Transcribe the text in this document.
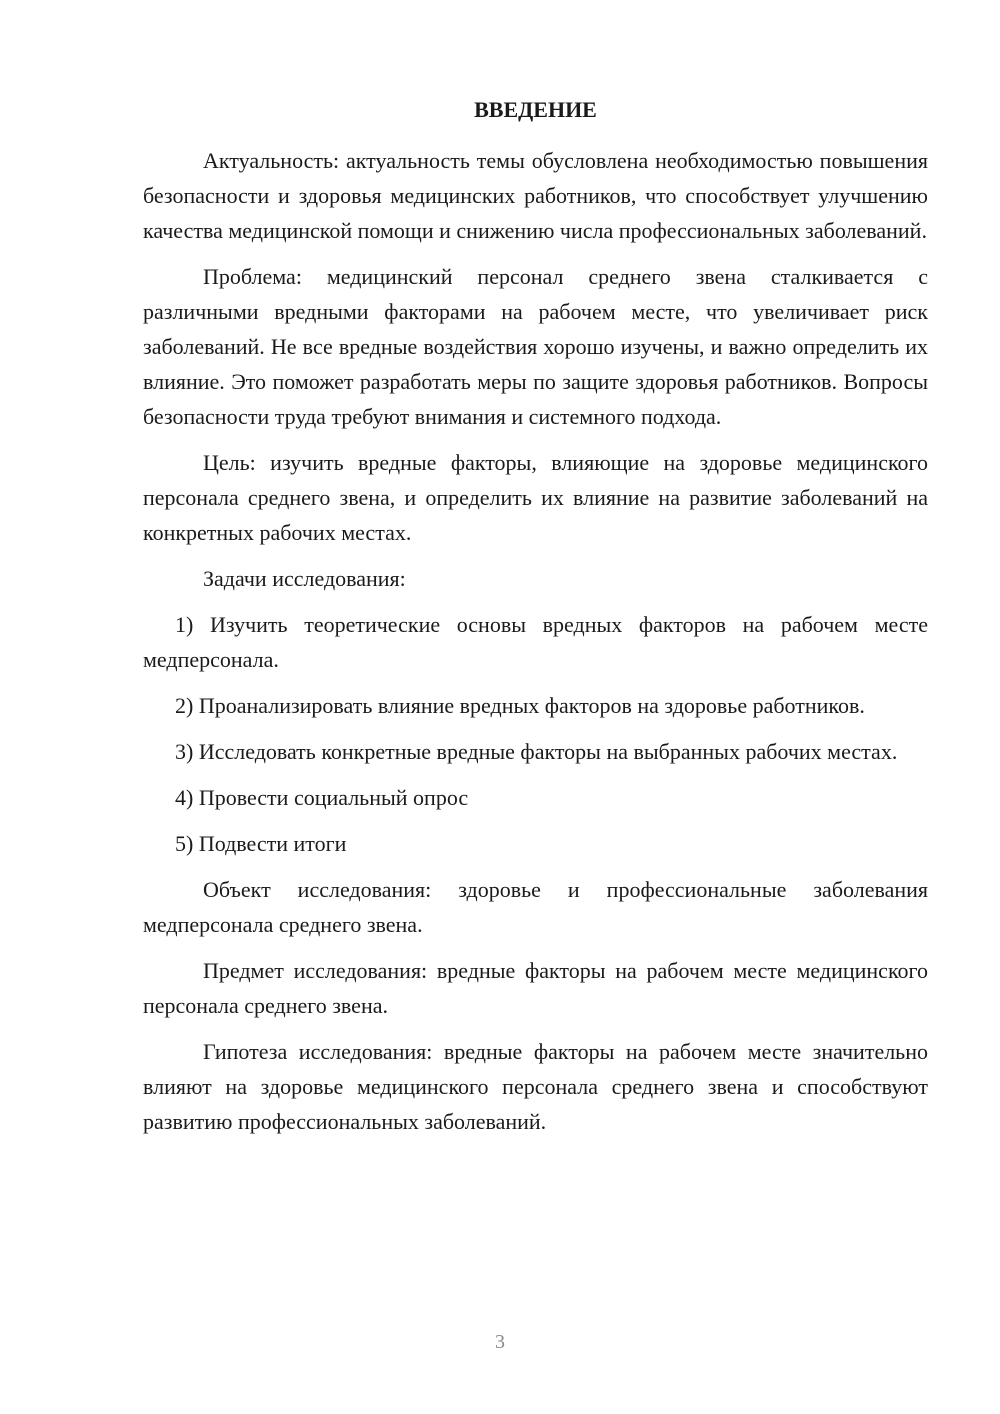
ВВЕДЕНИЕ

Актуальность: актуальность темы обусловлена необходимостью повышения безопасности и здоровья медицинских работников, что способствует улучшению качества медицинской помощи и снижению числа профессиональных заболеваний.

Проблема: медицинский персонал среднего звена сталкивается с различными вредными факторами на рабочем месте, что увеличивает риск заболеваний. Не все вредные воздействия хорошо изучены, и важно определить их влияние. Это поможет разработать меры по защите здоровья работников. Вопросы безопасности труда требуют внимания и системного подхода.

Цель: изучить вредные факторы, влияющие на здоровье медицинского персонала среднего звена, и определить их влияние на развитие заболеваний на конкретных рабочих местах.

Задачи исследования:

1) Изучить теоретические основы вредных факторов на рабочем месте медперсонала.

2) Проанализировать влияние вредных факторов на здоровье работников.

3) Исследовать конкретные вредные факторы на выбранных рабочих местах.

4) Провести социальный опрос

5) Подвести итоги

Объект исследования: здоровье и профессиональные заболевания медперсонала среднего звена.

Предмет исследования: вредные факторы на рабочем месте медицинского персонала среднего звена.

Гипотеза исследования: вредные факторы на рабочем месте значительно влияют на здоровье медицинского персонала среднего звена и способствуют развитию профессиональных заболеваний.

3
